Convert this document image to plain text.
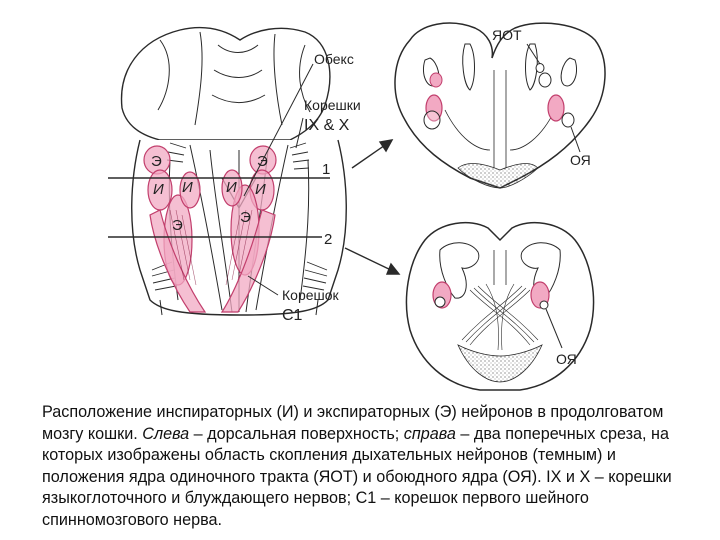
Обекс
Корешки
IX & X
Корешок
C1
1
2
ЯОТ
ОЯ
ОЯ
Э	Э
И	И
И И
Э	Э
Расположение инспираторных (И) и экспираторных (Э) нейронов в продолговатом мозгу кошки. Слева – дорсальная поверхность; справа – два поперечных среза, на которых изображены область скопления дыхательных нейронов (темным) и положения ядра одиночного тракта (ЯОТ) и обоюдного ядра (ОЯ). IX и X – корешки языкоглоточного и блуждающего нервов; C1 – корешок первого шейного спинномозгового нерва.
